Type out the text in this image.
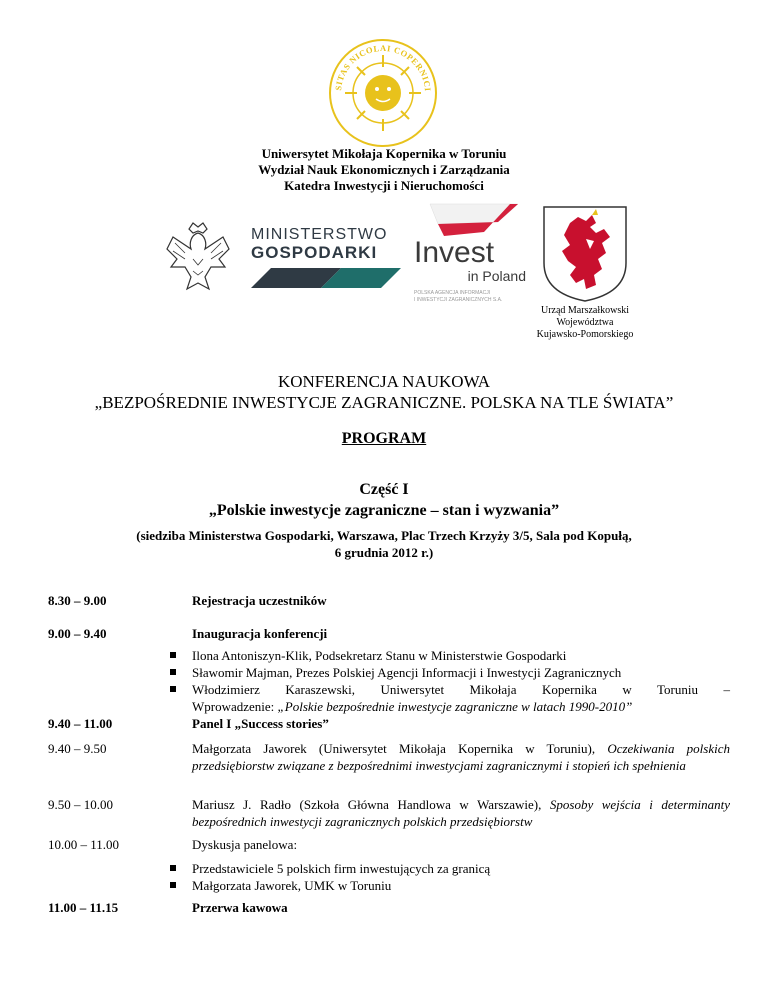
SITAS NICOLAI COPERNICI
Uniwersytet Mikołaja Kopernika w Toruniu
Wydział Nauk Ekonomicznych i Zarządzania
Katedra Inwestycji i Nieruchomości
MINISTERSTWO
GOSPODARKI	Invest
in Poland
POLSKA AGENCJA INFORMACJI
I INWESTYCJI ZAGRANICZNYCH S.A.
Urząd Marszałkowski
Województwa
Kujawsko-Pomorskiego
KONFERENCJA NAUKOWA
„BEZPOŚREDNIE INWESTYCJE ZAGRANICZNE. POLSKA NA TLE ŚWIATA”
PROGRAM
Część I
„Polskie inwestycje zagraniczne – stan i wyzwania”
(siedziba Ministerstwa Gospodarki, Warszawa, Plac Trzech Krzyży 3/5, Sala pod Kopułą,
6 grudnia 2012 r.)
8.30 – 9.00	Rejestracja uczestników
9.00 – 9.40	Inauguracja konferencji
Ilona Antoniszyn-Klik, Podsekretarz Stanu w Ministerstwie Gospodarki
Sławomir Majman, Prezes Polskiej Agencji Informacji i Inwestycji Zagranicznych
Włodzimierz Karaszewski, Uniwersytet Mikołaja Kopernika w Toruniu –
Wprowadzenie: „Polskie bezpośrednie inwestycje zagraniczne w latach 1990-2010”
9.40 – 11.00	Panel I „Success stories”
9.40 – 9.50	Małgorzata Jaworek (Uniwersytet Mikołaja Kopernika w Toruniu), Oczekiwania polskich przedsiębiorstw związane z bezpośrednimi inwestycjami zagranicznymi i stopień ich spełnienia
9.50 – 10.00	Mariusz J. Radło (Szkoła Główna Handlowa w Warszawie), Sposoby wejścia i determinanty bezpośrednich inwestycji zagranicznych polskich przedsiębiorstw
10.00 – 11.00	Dyskusja panelowa:
Przedstawiciele 5 polskich firm inwestujących za granicą
Małgorzata Jaworek, UMK w Toruniu
11.00 – 11.15	Przerwa kawowa
